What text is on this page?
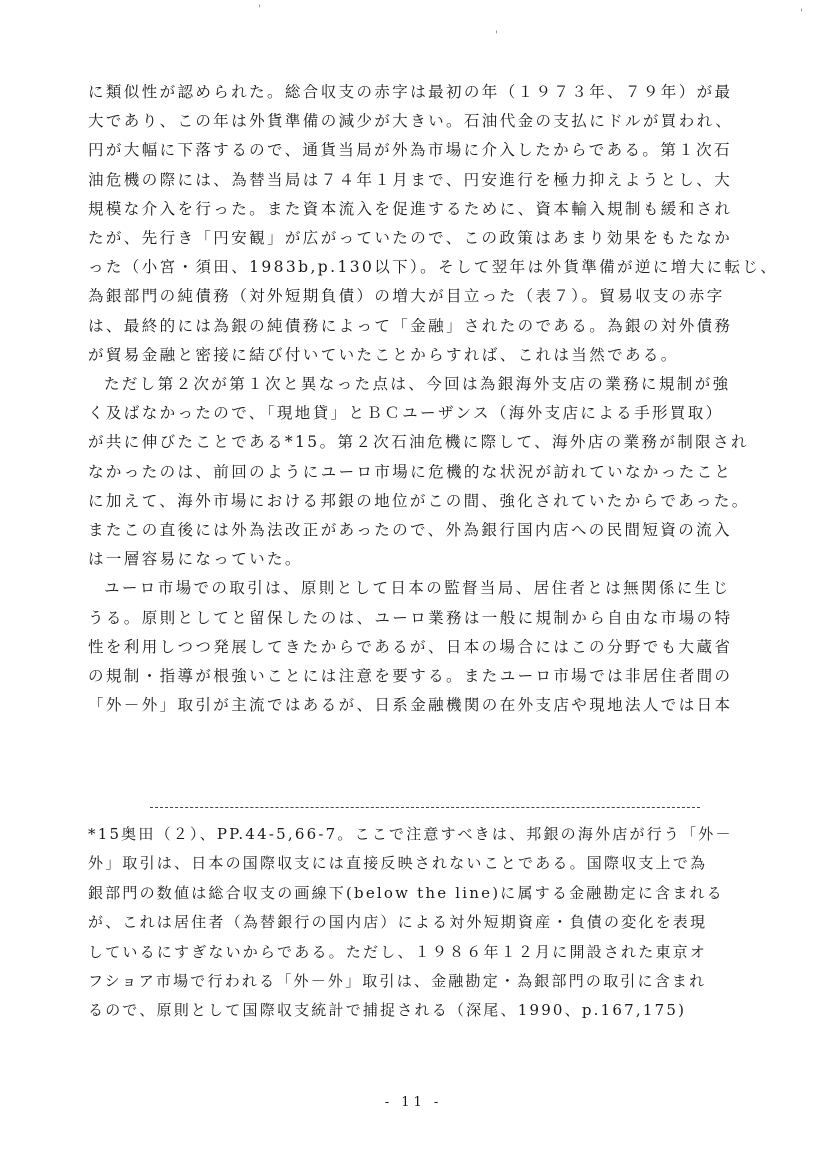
'
'
'
に類似性が認められた。総合収支の赤字は最初の年（１９７３年、７９年）が最
大であり、この年は外貨準備の減少が大きい。石油代金の支払にドルが買われ、
円が大幅に下落するので、通貨当局が外為市場に介入したからである。第１次石
油危機の際には、為替当局は７４年１月まで、円安進行を極力抑えようとし、大
規模な介入を行った。また資本流入を促進するために、資本輸入規制も緩和され
たが、先行き「円安観」が広がっていたので、この政策はあまり効果をもたなか
った（小宮・須田、1983b,p.130以下）。そして翌年は外貨準備が逆に増大に転じ、
為銀部門の純債務（対外短期負債）の増大が目立った（表７）。貿易収支の赤字
は、最終的には為銀の純債務によって「金融」されたのである。為銀の対外債務
が貿易金融と密接に結び付いていたことからすれば、これは当然である。
ただし第２次が第１次と異なった点は、今回は為銀海外支店の業務に規制が強
く及ばなかったので、「現地貸」とＢＣユーザンス（海外支店による手形買取）
が共に伸びたことである*15。第２次石油危機に際して、海外店の業務が制限され
なかったのは、前回のようにユーロ市場に危機的な状況が訪れていなかったこと
に加えて、海外市場における邦銀の地位がこの間、強化されていたからであった。
またこの直後には外為法改正があったので、外為銀行国内店への民間短資の流入
は一層容易になっていた。
ユーロ市場での取引は、原則として日本の監督当局、居住者とは無関係に生じ
うる。原則としてと留保したのは、ユーロ業務は一般に規制から自由な市場の特
性を利用しつつ発展してきたからであるが、日本の場合にはこの分野でも大蔵省
の規制・指導が根強いことには注意を要する。またユーロ市場では非居住者間の
「外－外」取引が主流ではあるが、日系金融機関の在外支店や現地法人では日本
*15奥田（２）、PP.44-5,66-7。ここで注意すべきは、邦銀の海外店が行う「外－
外」取引は、日本の国際収支には直接反映されないことである。国際収支上で為
銀部門の数値は総合収支の画線下(below the line)に属する金融勘定に含まれる
が、これは居住者（為替銀行の国内店）による対外短期資産・負債の変化を表現
しているにすぎないからである。ただし、１９８６年１２月に開設された東京オ
フショア市場で行われる「外－外」取引は、金融勘定・為銀部門の取引に含まれ
るので、原則として国際収支統計で捕捉される（深尾、1990、p.167,175)
- 11 -
